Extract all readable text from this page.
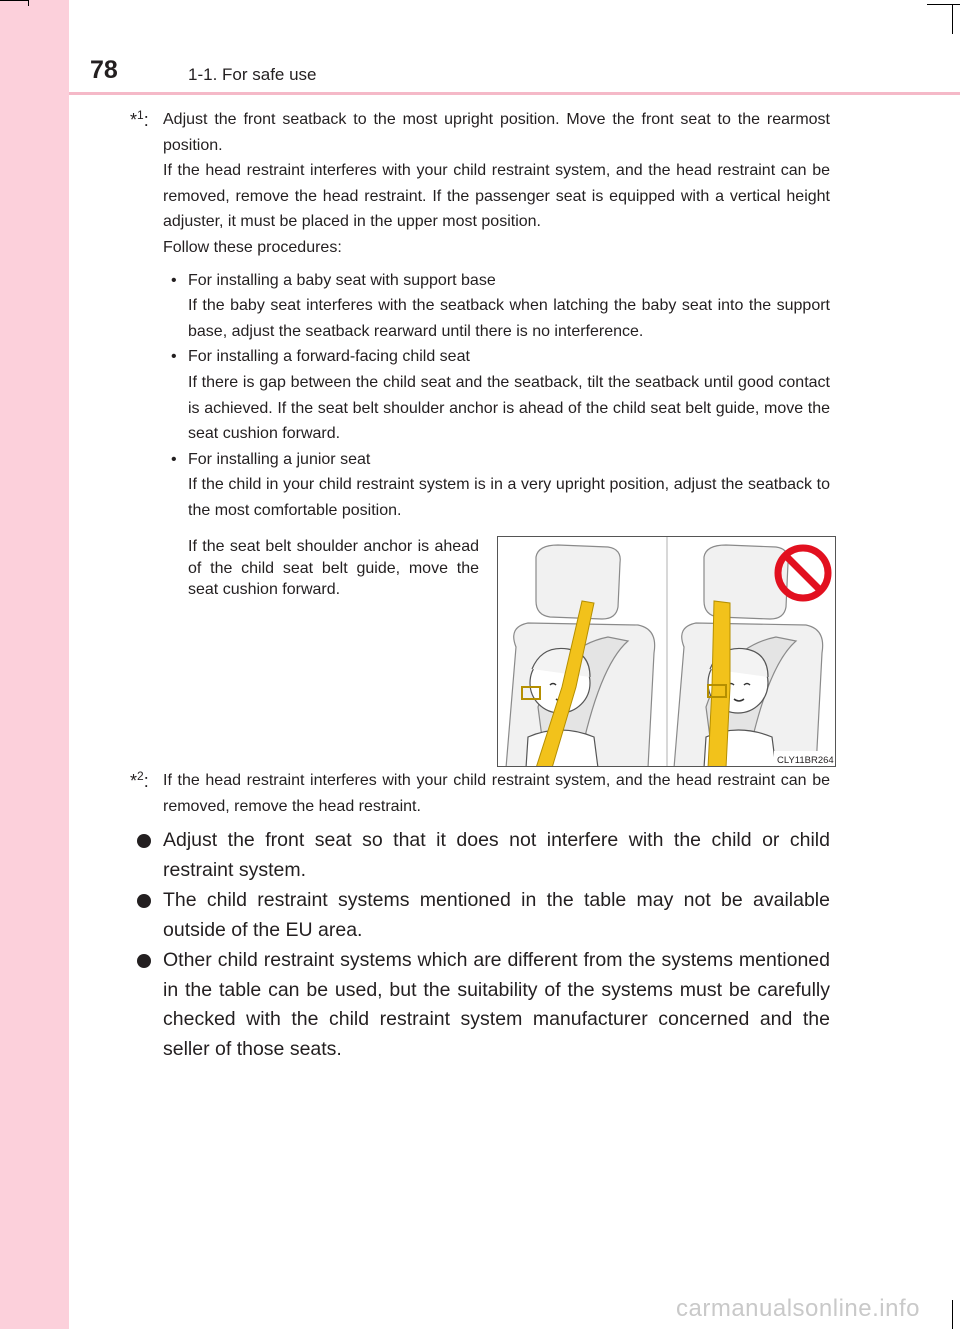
78	1-1. For safe use
*$^1$: Adjust the front seatback to the most upright position. Move the front seat to the rearmost position.

If the head restraint interferes with your child restraint system, and the head restraint can be removed, remove the head restraint. If the passenger seat is equipped with a vertical height adjuster, it must be placed in the upper most position.

Follow these procedures:

• For installing a baby seat with support base
If the baby seat interferes with the seatback when latching the baby seat into the support base, adjust the seatback rearward until there is no interference.
• For installing a forward-facing child seat
If there is gap between the child seat and the seatback, tilt the seatback until good contact is achieved. If the seat belt shoulder anchor is ahead of the child seat belt guide, move the seat cushion forward.
• For installing a junior seat
If the child in your child restraint system is in a very upright position, adjust the seatback to the most comfortable position.
If the seat belt shoulder anchor is ahead of the child seat belt guide, move the seat cushion forward.
CLY11BR264
*$^2$: If the head restraint interferes with your child restraint system, and the head restraint can be removed, remove the head restraint.

Adjust the front seat so that it does not interfere with the child or child restraint system.
The child restraint systems mentioned in the table may not be available outside of the EU area.
Other child restraint systems which are different from the systems mentioned in the table can be used, but the suitability of the systems must be carefully checked with the child restraint system manufacturer concerned and the seller of those seats.
carmanualsonline.info
